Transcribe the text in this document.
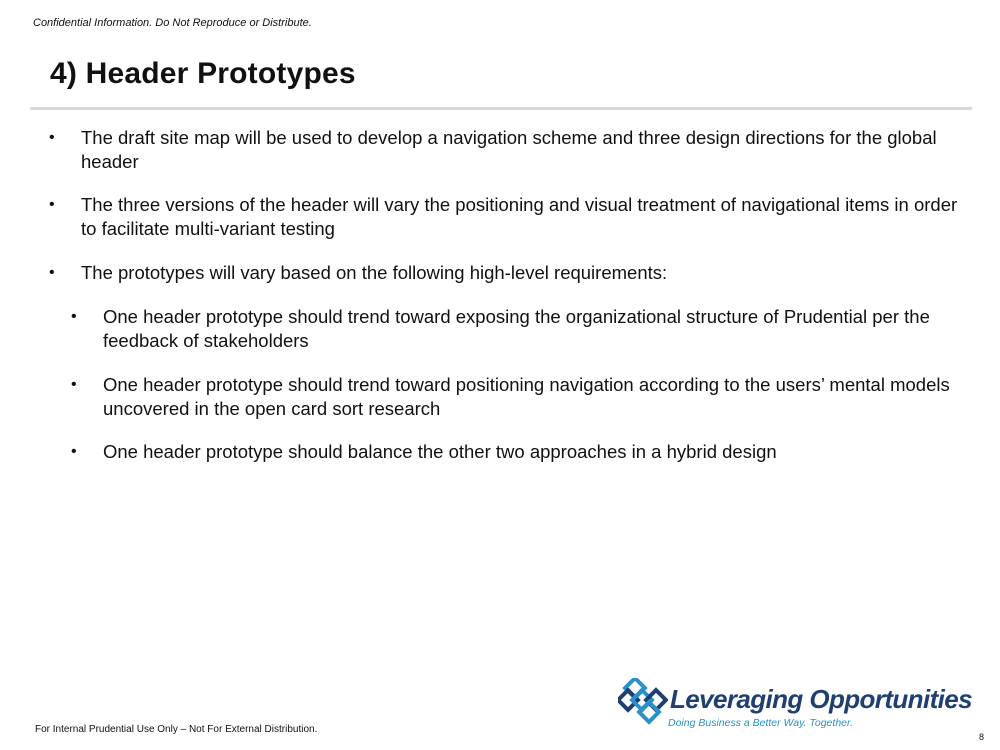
Confidential Information. Do Not Reproduce or Distribute.
4) Header Prototypes
• The draft site map will be used to develop a navigation scheme and three design directions for the global header
• The three versions of the header will vary the positioning and visual treatment of navigational items in order to facilitate multi-variant testing
• The prototypes will vary based on the following high-level requirements:
• One header prototype should trend toward exposing the organizational structure of Prudential per the feedback of stakeholders
• One header prototype should trend toward positioning navigation according to the users’ mental models uncovered in the open card sort research
• One header prototype should balance the other two approaches in a hybrid design
Leveraging Opportunities
Doing Business a Better Way. Together.
For Internal Prudential Use Only – Not For External Distribution.
8
